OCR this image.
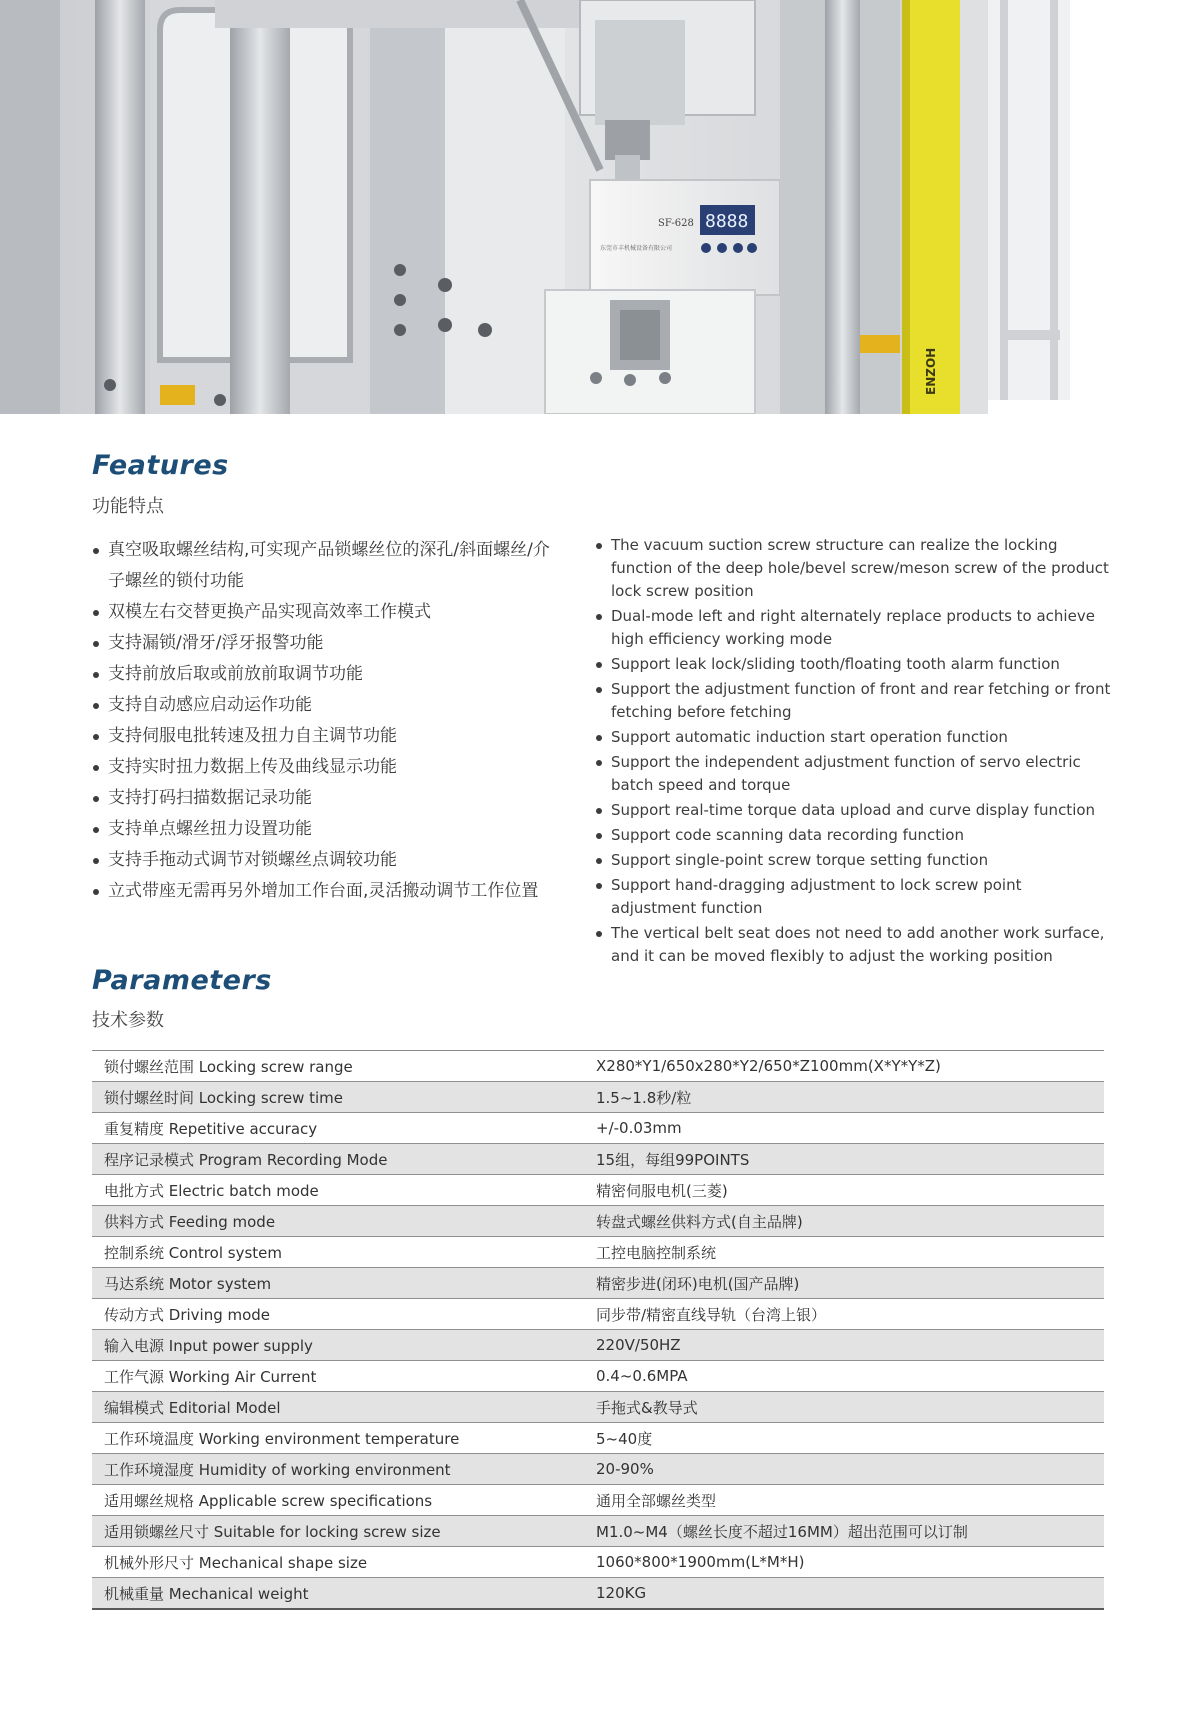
8888
SF-628
东莞市丰机械设备有限公司
ENZOH
Features
功能特点
真空吸取螺丝结构,可实现产品锁螺丝位的深孔/斜面螺丝/介子螺丝的锁付功能
双模左右交替更换产品实现高效率工作模式
支持漏锁/滑牙/浮牙报警功能
支持前放后取或前放前取调节功能
支持自动感应启动运作功能
支持伺服电批转速及扭力自主调节功能
支持实时扭力数据上传及曲线显示功能
支持打码扫描数据记录功能
支持单点螺丝扭力设置功能
支持手拖动式调节对锁螺丝点调较功能
立式带座无需再另外增加工作台面,灵活搬动调节工作位置
The vacuum suction screw structure can realize the locking function of the deep hole/bevel screw/meson screw of the product lock screw position
Dual-mode left and right alternately replace products to achieve high efficiency working mode
Support leak lock/sliding tooth/floating tooth alarm function
Support the adjustment function of front and rear fetching or front fetching before fetching
Support automatic induction start operation function
Support the independent adjustment function of servo electric batch speed and torque
Support real-time torque data upload and curve display function
Support code scanning data recording function
Support single-point screw torque setting function
Support hand-dragging adjustment to lock screw point adjustment function
The vertical belt seat does not need to add another work surface, and it can be moved flexibly to adjust the working position
Parameters
技术参数
锁付螺丝范围 Locking screw range	X280*Y1/650x280*Y2/650*Z100mm(X*Y*Y*Z)
锁付螺丝时间 Locking screw time	1.5~1.8秒/粒
重复精度 Repetitive accuracy	+/-0.03mm
程序记录模式 Program Recording Mode	15组，每组99POINTS
电批方式 Electric batch mode	精密伺服电机(三菱)
供料方式 Feeding mode	转盘式螺丝供料方式(自主品牌)
控制系统 Control system	工控电脑控制系统
马达系统 Motor system	精密步进(闭环)电机(国产品牌)
传动方式 Driving mode	同步带/精密直线导轨（台湾上银）
输入电源 Input power supply	220V/50HZ
工作气源 Working Air Current	0.4~0.6MPA
编辑模式 Editorial Model	手拖式&教导式
工作环境温度 Working environment temperature	5~40度
工作环境湿度 Humidity of working environment	20-90%
适用螺丝规格 Applicable screw specifications	通用全部螺丝类型
适用锁螺丝尺寸 Suitable for locking screw size	M1.0~M4（螺丝长度不超过16MM）超出范围可以订制
机械外形尺寸 Mechanical shape size	1060*800*1900mm(L*M*H)
机械重量 Mechanical weight	120KG
